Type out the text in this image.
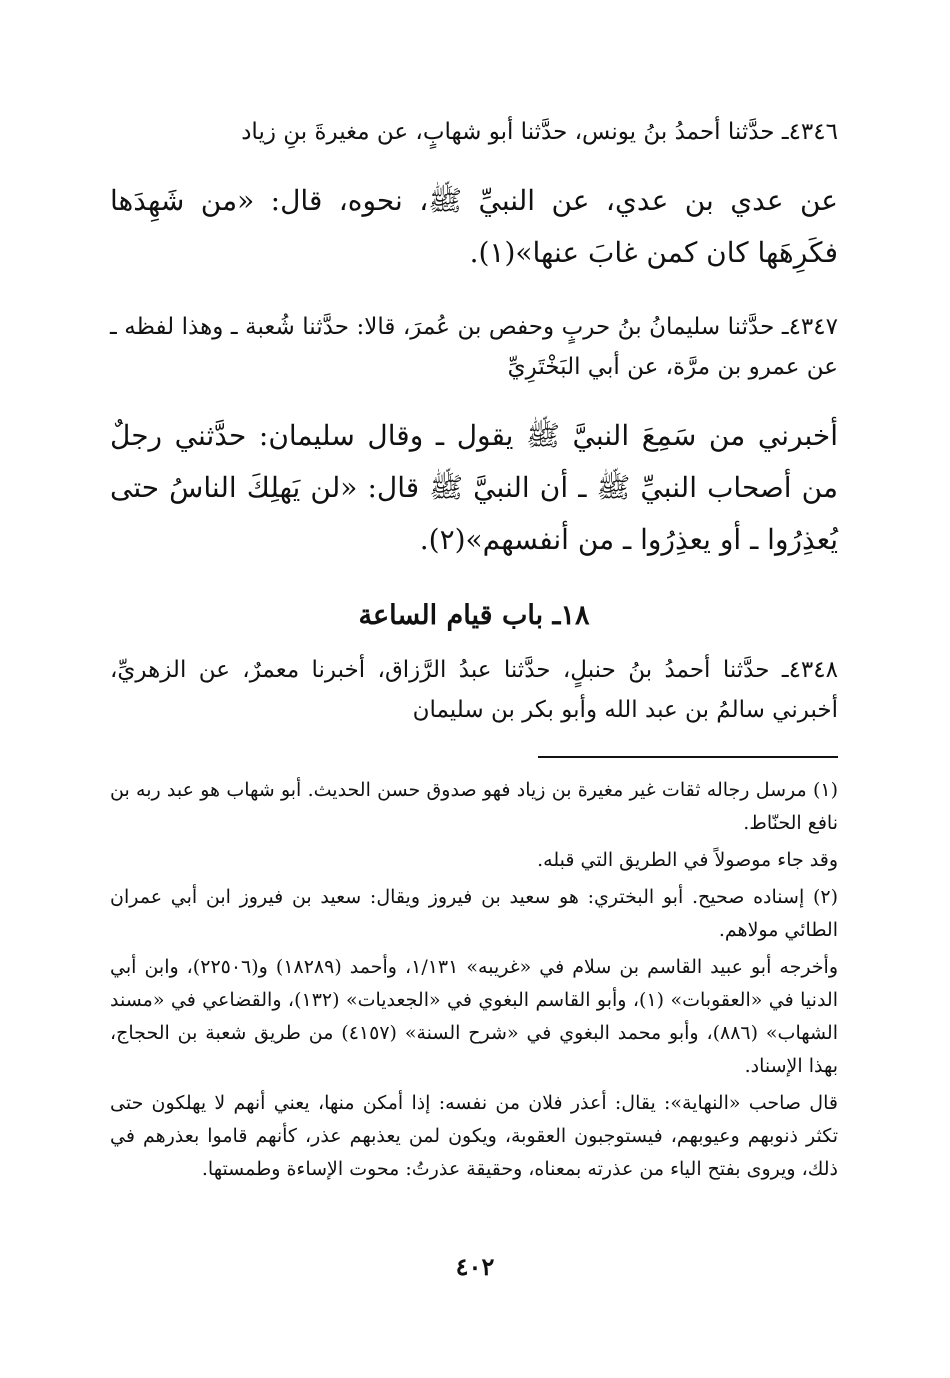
٤٣٤٦ـ حدَّثنا أحمدُ بنُ يونس، حدَّثنا أبو شهابٍ، عن مغيرةَ بنِ زياد

عن عدي بن عدي، عن النبيِّ ﷺ، نحوه، قال: «من شَهِدَها فكَرِهَها كان كمن غابَ عنها»(١).

٤٣٤٧ـ حدَّثنا سليمانُ بنُ حربٍ وحفص بن عُمرَ، قالا: حدَّثنا شُعبة ـ وهذا لفظه ـ عن عمرو بن مرَّة، عن أبي البَخْتَرِيِّ

أخبرني من سَمِعَ النبيَّ ﷺ يقول ـ وقال سليمان: حدَّثني رجلٌ من أصحاب النبيِّ ﷺ ـ أن النبيَّ ﷺ قال: «لن يَهلِكَ الناسُ حتى يُعذِرُوا ـ أو يعذِرُوا ـ من أنفسهم»(٢).

١٨ـ باب قيام الساعة

٤٣٤٨ـ حدَّثنا أحمدُ بنُ حنبلٍ، حدَّثنا عبدُ الرَّزاق، أخبرنا معمرٌ، عن الزهريِّ، أخبرني سالمُ بن عبد الله وأبو بكر بن سليمان

(١) مرسل رجاله ثقات غير مغيرة بن زياد فهو صدوق حسن الحديث. أبو شهاب هو عبد ربه بن نافع الحنّاط.

وقد جاء موصولاً في الطريق التي قبله.

(٢) إسناده صحيح. أبو البختري: هو سعيد بن فيروز ويقال: سعيد بن فيروز ابن أبي عمران الطائي مولاهم.

وأخرجه أبو عبيد القاسم بن سلام في «غريبه» ١/١٣١، وأحمد (١٨٢٨٩) و(٢٢٥٠٦)، وابن أبي الدنيا في «العقوبات» (١)، وأبو القاسم البغوي في «الجعديات» (١٣٢)، والقضاعي في «مسند الشهاب» (٨٨٦)، وأبو محمد البغوي في «شرح السنة» (٤١٥٧) من طريق شعبة بن الحجاج، بهذا الإسناد.

قال صاحب «النهاية»: يقال: أعذر فلان من نفسه: إذا أمكن منها، يعني أنهم لا يهلكون حتى تكثر ذنوبهم وعيوبهم، فيستوجبون العقوبة، ويكون لمن يعذبهم عذر، كأنهم قاموا بعذرهم في ذلك، ويروى بفتح الياء من عذرته بمعناه، وحقيقة عذرتُ: محوت الإساءة وطمستها.

٤٠٢
